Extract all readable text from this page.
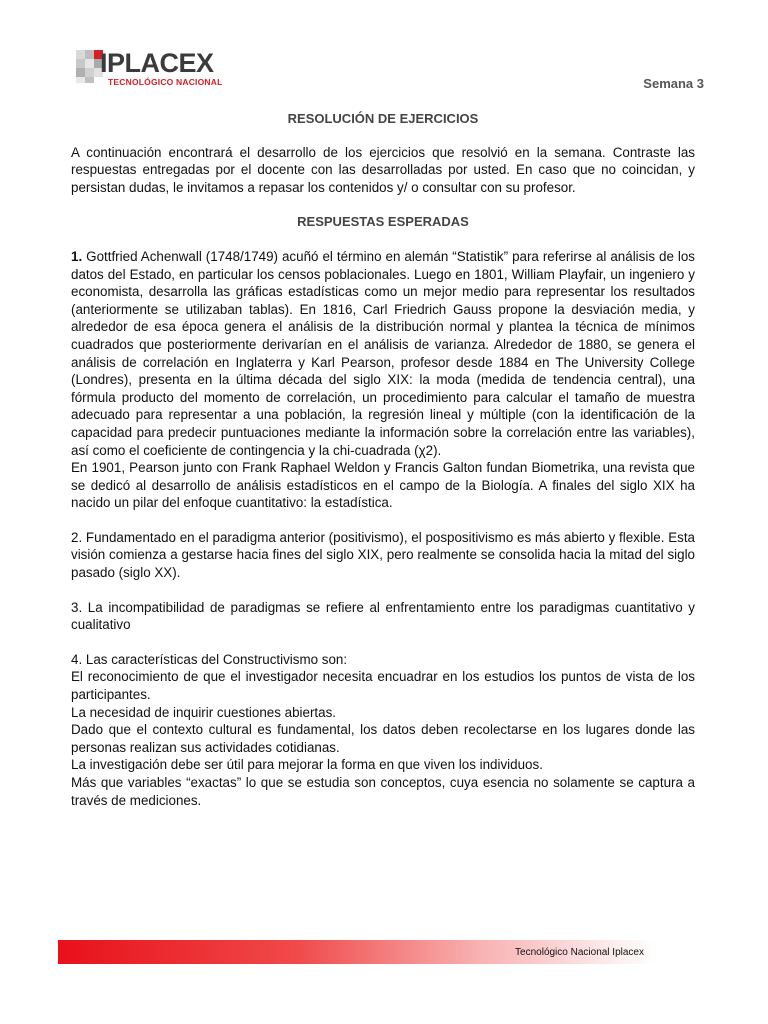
IPLACEX
TECNOLÓGICO NACIONAL	Semana 3

RESOLUCIÓN DE EJERCICIOS

A continuación encontrará el desarrollo de los ejercicios que resolvió en la semana. Contraste las respuestas entregadas por el docente con las desarrolladas por usted. En caso que no coincidan, y persistan dudas, le invitamos a repasar los contenidos y/ o consultar con su profesor.

RESPUESTAS ESPERADAS

1. Gottfried Achenwall (1748/1749) acuñó el término en alemán “Statistik” para referirse al análisis de los datos del Estado, en particular los censos poblacionales. Luego en 1801, William Playfair, un ingeniero y economista, desarrolla las gráficas estadísticas como un mejor medio para representar los resultados (anteriormente se utilizaban tablas). En 1816, Carl Friedrich Gauss propone la desviación media, y alrededor de esa época genera el análisis de la distribución normal y plantea la técnica de mínimos cuadrados que posteriormente derivarían en el análisis de varianza. Alrededor de 1880, se genera el análisis de correlación en Inglaterra y Karl Pearson, profesor desde 1884 en The University College (Londres), presenta en la última década del siglo XIX: la moda (medida de tendencia central), una fórmula producto del momento de correlación, un procedimiento para calcular el tamaño de muestra adecuado para representar a una población, la regresión lineal y múltiple (con la identificación de la capacidad para predecir puntuaciones mediante la información sobre la correlación entre las variables), así como el coeficiente de contingencia y la chi-cuadrada (χ2).

En 1901, Pearson junto con Frank Raphael Weldon y Francis Galton fundan Biometrika, una revista que se dedicó al desarrollo de análisis estadísticos en el campo de la Biología. A finales del siglo XIX ha nacido un pilar del enfoque cuantitativo: la estadística.

2. Fundamentado en el paradigma anterior (positivismo), el pospositivismo es más abierto y flexible. Esta visión comienza a gestarse hacia fines del siglo XIX, pero realmente se consolida hacia la mitad del siglo pasado (siglo XX).

3. La incompatibilidad de paradigmas se refiere al enfrentamiento entre los paradigmas cuantitativo y cualitativo

4. Las características del Constructivismo son:

El reconocimiento de que el investigador necesita encuadrar en los estudios los puntos de vista de los participantes.

La necesidad de inquirir cuestiones abiertas.

Dado que el contexto cultural es fundamental, los datos deben recolectarse en los lugares donde las personas realizan sus actividades cotidianas.

La investigación debe ser útil para mejorar la forma en que viven los individuos.

Más que variables “exactas” lo que se estudia son conceptos, cuya esencia no solamente se captura a través de mediciones.

Tecnológico Nacional Iplacex
